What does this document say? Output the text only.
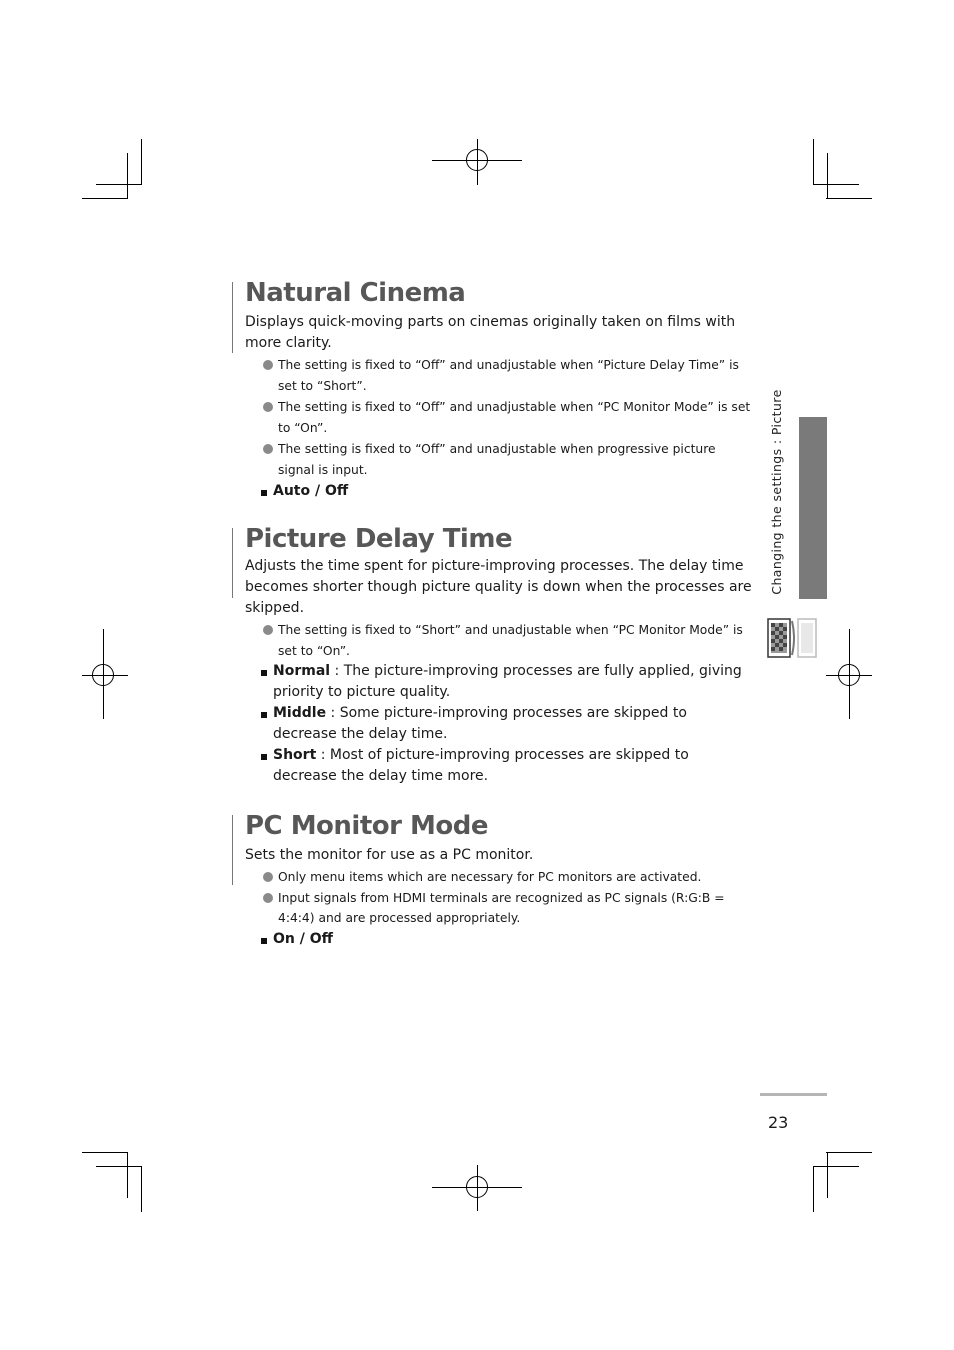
Changing the settings : Picture
Natural Cinema

Displays quick-moving parts on cinemas originally taken on films with more clarity.

The setting is fixed to “Off” and unadjustable when “Picture Delay Time” is set to “Short”.
The setting is fixed to “Off” and unadjustable when “PC Monitor Mode” is set to “On”.
The setting is fixed to “Off” and unadjustable when progressive picture signal is input.
Auto / Off
Picture Delay Time

Adjusts the time spent for picture-improving processes. The delay time becomes shorter though picture quality is down when the processes are skipped.

The setting is fixed to “Short” and unadjustable when “PC Monitor Mode” is set to “On”.
Normal : The picture-improving processes are fully applied, giving priority to picture quality.
Middle : Some picture-improving processes are skipped to decrease the delay time.
Short : Most of picture-improving processes are skipped to decrease the delay time more.
PC Monitor Mode

Sets the monitor for use as a PC monitor.

Only menu items which are necessary for PC monitors are activated.
Input signals from HDMI terminals are recognized as PC signals (R:G:B = 4:4:4) and are processed appropriately.
On / Off
23
